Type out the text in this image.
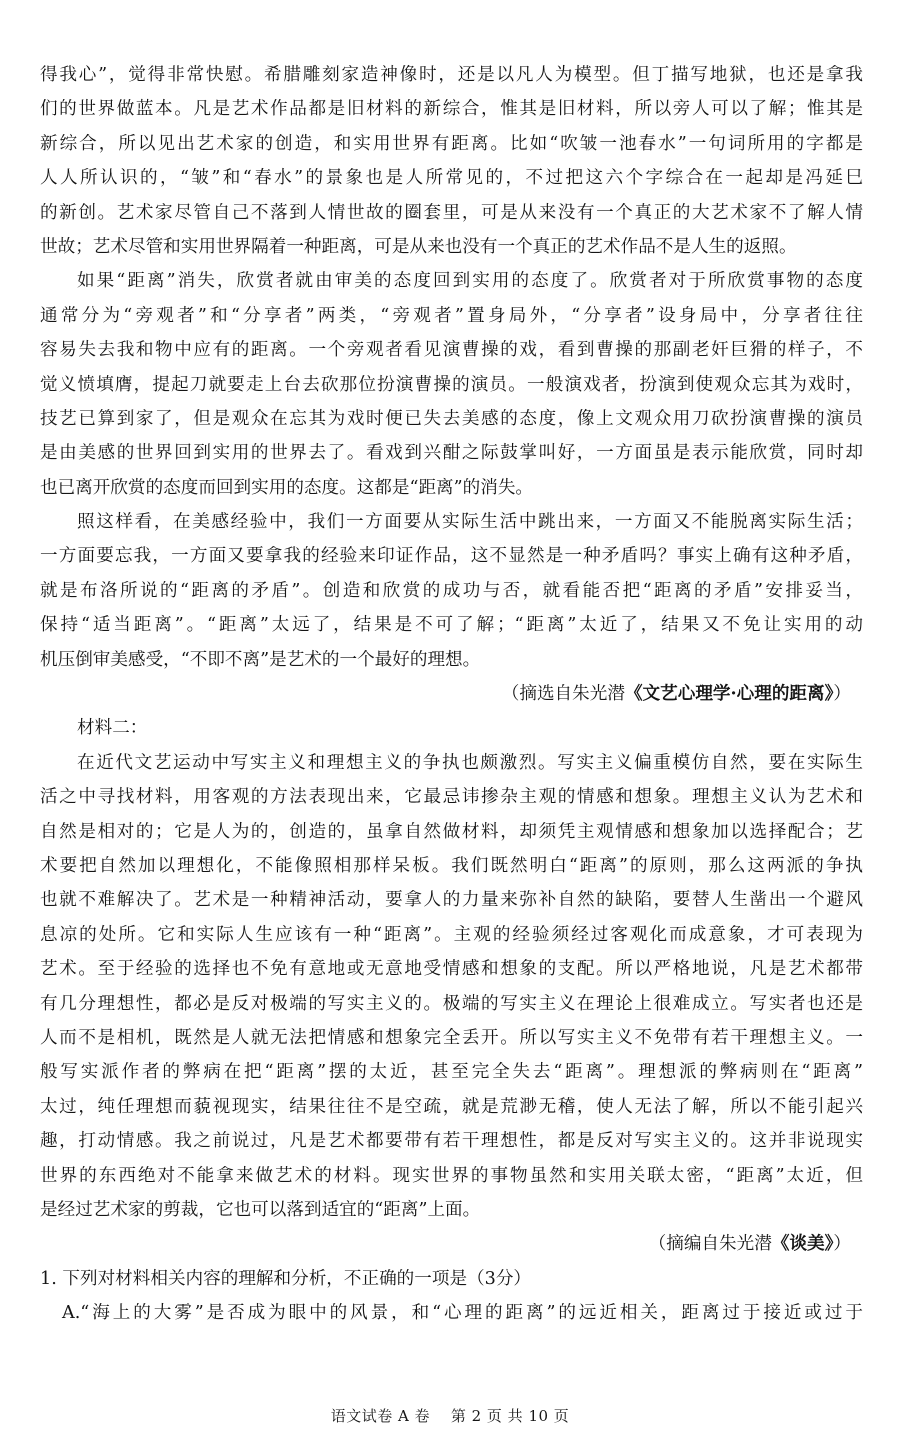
得我心”，觉得非常快慰。希腊雕刻家造神像时，还是以凡人为模型。但丁描写地狱，也还是拿我
们的世界做蓝本。凡是艺术作品都是旧材料的新综合，惟其是旧材料，所以旁人可以了解；惟其是
新综合，所以见出艺术家的创造，和实用世界有距离。比如“吹皱一池春水”一句词所用的字都是
人人所认识的，“皱”和“春水”的景象也是人所常见的，不过把这六个字综合在一起却是冯延巳
的新创。艺术家尽管自己不落到人情世故的圈套里，可是从来没有一个真正的大艺术家不了解人情
世故；艺术尽管和实用世界隔着一种距离，可是从来也没有一个真正的艺术作品不是人生的返照。
如果“距离”消失，欣赏者就由审美的态度回到实用的态度了。欣赏者对于所欣赏事物的态度
通常分为“旁观者”和“分享者”两类，“旁观者”置身局外，“分享者”设身局中，分享者往往
容易失去我和物中应有的距离。一个旁观者看见演曹操的戏，看到曹操的那副老奸巨猾的样子，不
觉义愤填膺，提起刀就要走上台去砍那位扮演曹操的演员。一般演戏者，扮演到使观众忘其为戏时，
技艺已算到家了，但是观众在忘其为戏时便已失去美感的态度，像上文观众用刀砍扮演曹操的演员
是由美感的世界回到实用的世界去了。看戏到兴酣之际鼓掌叫好，一方面虽是表示能欣赏，同时却
也已离开欣赏的态度而回到实用的态度。这都是“距离”的消失。
照这样看，在美感经验中，我们一方面要从实际生活中跳出来，一方面又不能脱离实际生活；
一方面要忘我，一方面又要拿我的经验来印证作品，这不显然是一种矛盾吗？事实上确有这种矛盾，
就是布洛所说的“距离的矛盾”。创造和欣赏的成功与否，就看能否把“距离的矛盾”安排妥当，
保持“适当距离”。“距离”太远了，结果是不可了解；“距离”太近了，结果又不免让实用的动
机压倒审美感受，“不即不离”是艺术的一个最好的理想。
（摘选自朱光潜《文艺心理学·心理的距离》）
材料二：
在近代文艺运动中写实主义和理想主义的争执也颇激烈。写实主义偏重模仿自然，要在实际生
活之中寻找材料，用客观的方法表现出来，它最忌讳掺杂主观的情感和想象。理想主义认为艺术和
自然是相对的；它是人为的，创造的，虽拿自然做材料，却须凭主观情感和想象加以选择配合；艺
术要把自然加以理想化，不能像照相那样呆板。我们既然明白“距离”的原则，那么这两派的争执
也就不难解决了。艺术是一种精神活动，要拿人的力量来弥补自然的缺陷，要替人生凿出一个避风
息凉的处所。它和实际人生应该有一种“距离”。主观的经验须经过客观化而成意象，才可表现为
艺术。至于经验的选择也不免有意地或无意地受情感和想象的支配。所以严格地说，凡是艺术都带
有几分理想性，都必是反对极端的写实主义的。极端的写实主义在理论上很难成立。写实者也还是
人而不是相机，既然是人就无法把情感和想象完全丢开。所以写实主义不免带有若干理想主义。一
般写实派作者的弊病在把“距离”摆的太近，甚至完全失去“距离”。理想派的弊病则在“距离”
太过，纯任理想而藐视现实，结果往往不是空疏，就是荒渺无稽，使人无法了解，所以不能引起兴
趣，打动情感。我之前说过，凡是艺术都要带有若干理想性，都是反对写实主义的。这并非说现实
世界的东西绝对不能拿来做艺术的材料。现实世界的事物虽然和实用关联太密，“距离”太近，但
是经过艺术家的剪裁，它也可以落到适宜的“距离”上面。
（摘编自朱光潜《谈美》）
1. 下列对材料相关内容的理解和分析，不正确的一项是（3分）
A.“海上的大雾”是否成为眼中的风景，和“心理的距离”的远近相关，距离过于接近或过于
语文试卷 A 卷　 第 2 页 共 10 页
